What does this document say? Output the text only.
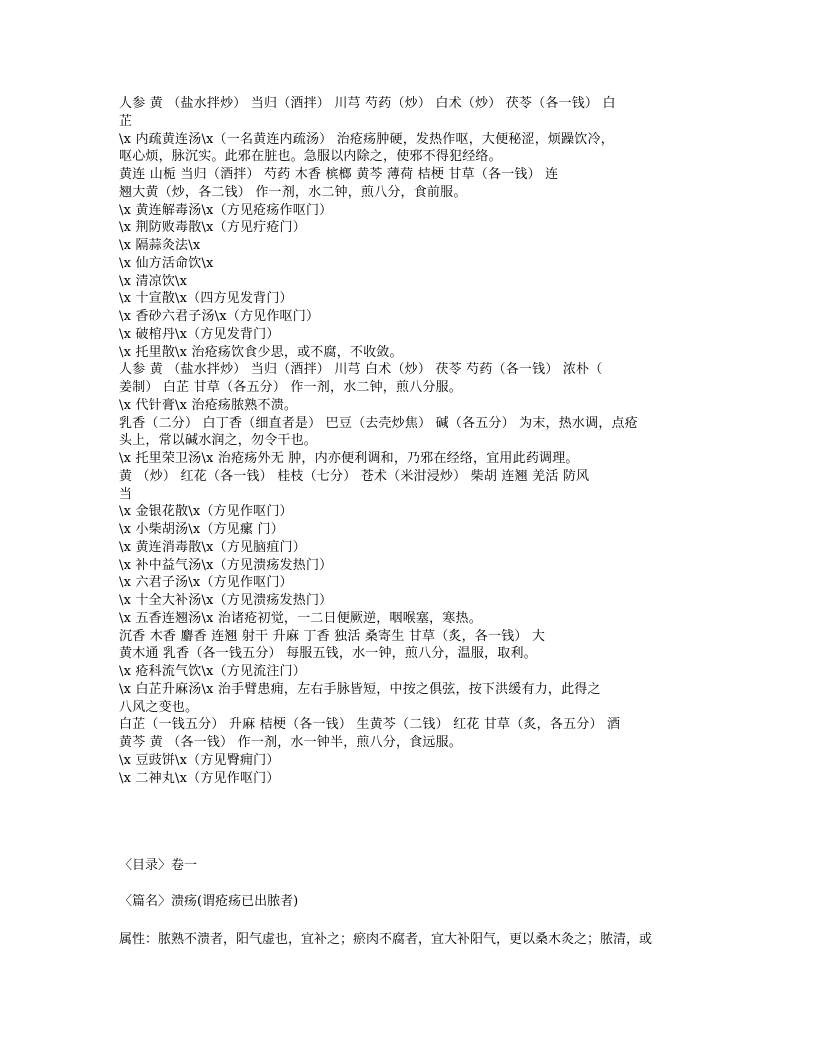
人参 黄 （盐水拌炒） 当归（酒拌） 川芎 芍药（炒） 白术（炒） 茯苓（各一钱） 白
芷
\x 内疏黄连汤\x（一名黄连内疏汤） 治疮疡肿硬，发热作呕，大便秘涩，烦躁饮冷，
呕心烦，脉沉实。此邪在脏也。急服以内除之，使邪不得犯经络。
黄连 山栀 当归（酒拌） 芍药 木香 槟榔 黄芩 薄荷 桔梗 甘草（各一钱） 连
翘大黄（炒，各二钱） 作一剂，水二钟，煎八分，食前服。
\x 黄连解毒汤\x（方见疮疡作呕门）
\x 荆防败毒散\x（方见疔疮门）
\x 隔蒜灸法\x
\x 仙方活命饮\x
\x 清凉饮\x
\x 十宣散\x（四方见发背门）
\x 香砂六君子汤\x（方见作呕门）
\x 破棺丹\x（方见发背门）
\x 托里散\x 治疮疡饮食少思，或不腐，不收敛。
人参 黄 （盐水拌炒） 当归（酒拌） 川芎 白术（炒） 茯苓 芍药（各一钱） 浓朴（
姜制） 白芷 甘草（各五分） 作一剂，水二钟，煎八分服。
\x 代针膏\x 治疮疡脓熟不溃。
乳香（二分） 白丁香（细直者是） 巴豆（去壳炒焦） 碱（各五分） 为末，热水调，点疮
头上，常以碱水润之，勿令干也。
\x 托里荣卫汤\x 治疮疡外无 肿，内亦便利调和，乃邪在经络，宜用此药调理。
黄 （炒） 红花（各一钱） 桂枝（七分） 苍术（米泔浸炒） 柴胡 连翘 羌活 防风
当
\x 金银花散\x（方见作呕门）
\x 小柴胡汤\x（方见瘰 门）
\x 黄连消毒散\x（方见脑疽门）
\x 补中益气汤\x（方见溃疡发热门）
\x 六君子汤\x（方见作呕门）
\x 十全大补汤\x（方见溃疡发热门）
\x 五香连翘汤\x 治诸疮初觉，一二日便厥逆，咽喉塞，寒热。
沉香 木香 麝香 连翘 射干 升麻 丁香 独活 桑寄生 甘草（炙，各一钱） 大
黄木通 乳香（各一钱五分） 每服五钱，水一钟，煎八分，温服，取利。
\x 疮科流气饮\x（方见流注门）
\x 白芷升麻汤\x 治手臂患痈，左右手脉皆短，中按之俱弦，按下洪缓有力，此得之
八风之变也。
白芷（一钱五分） 升麻 桔梗（各一钱） 生黄芩（二钱） 红花 甘草（炙，各五分） 酒
黄芩 黄 （各一钱） 作一剂，水一钟半，煎八分，食远服。
\x 豆豉饼\x（方见臀痈门）
\x 二神丸\x（方见作呕门）
〈目录〉卷一
〈篇名〉溃疡(谓疮疡已出脓者)
属性：脓熟不溃者，阳气虚也，宜补之；瘀肉不腐者，宜大补阳气，更以桑木灸之；脓清，或
